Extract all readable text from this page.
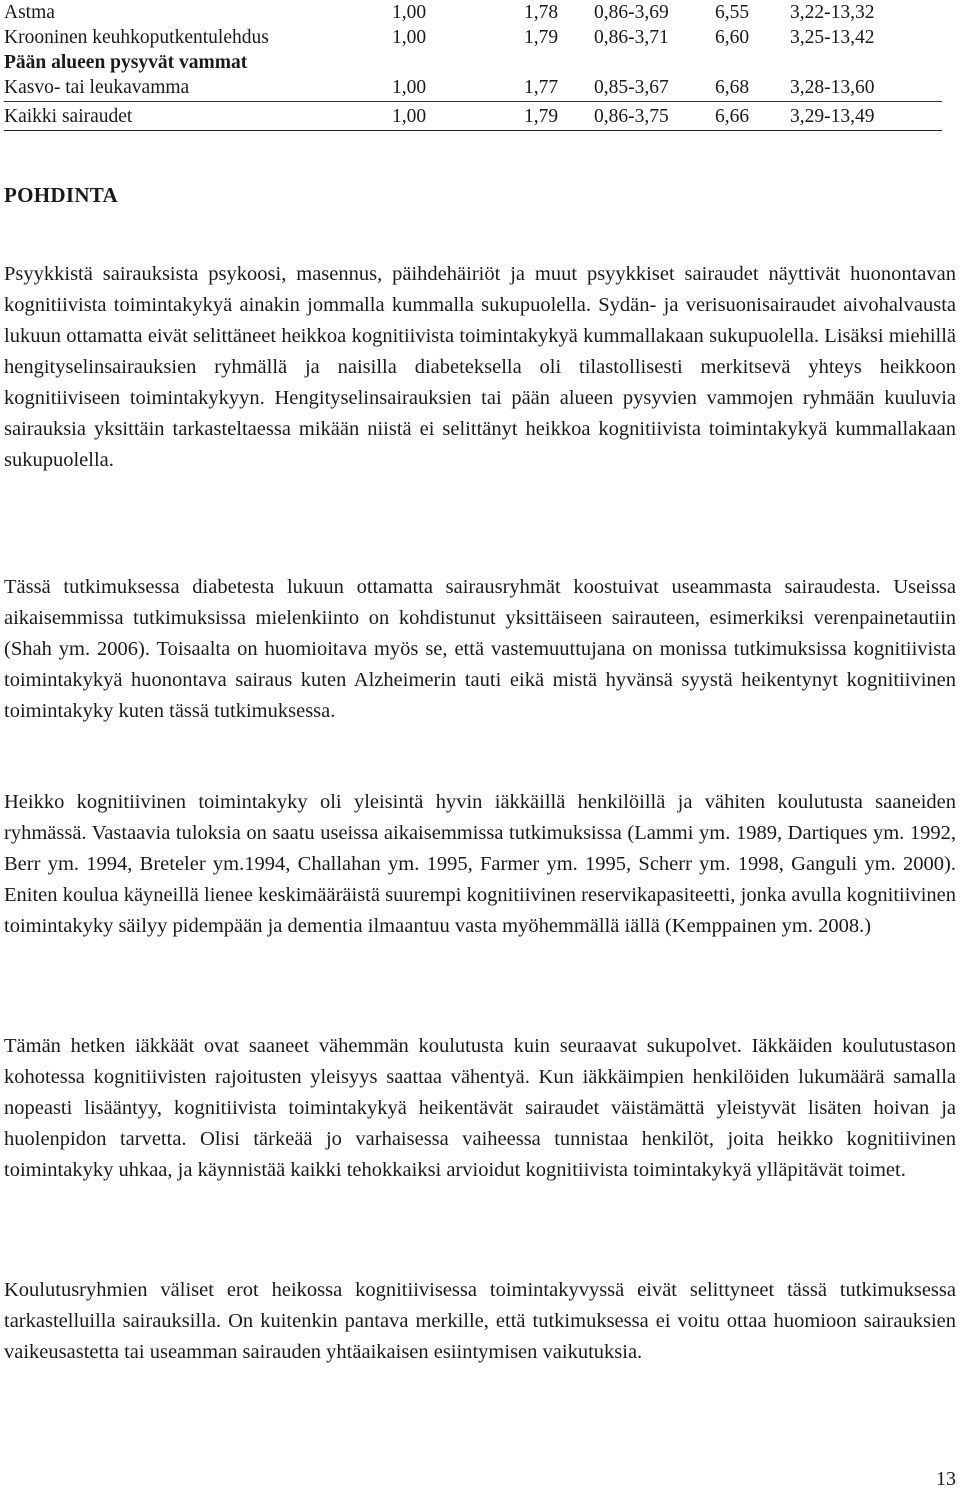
Astma	1,00	1,78 0,86-3,69 6,55 3,22-13,32
Krooninen keuhkoputkentulehdus	1,00	1,79 0,86-3,71 6,60 3,25-13,42
Pään alueen pysyvät vammat
Kasvo- tai leukavamma	1,00	1,77 0,85-3,67 6,68 3,28-13,60
Kaikki sairaudet	1,00	1,79 0,86-3,75 6,66 3,29-13,49
POHDINTA

Psyykkistä sairauksista psykoosi, masennus, päihdehäiriöt ja muut psyykkiset sairaudet näyttivät huonontavan kognitiivista toimintakykyä ainakin jommalla kummalla sukupuolella. Sydän- ja verisuonisairaudet aivohalvausta lukuun ottamatta eivät selittäneet heikkoa kognitiivista toimintakykyä kummallakaan sukupuolella. Lisäksi miehillä hengityselinsairauksien ryhmällä ja naisilla diabeteksella oli tilastollisesti merkitsevä yhteys heikkoon kognitiiviseen toimintakykyyn. Hengityselinsairauksien tai pään alueen pysyvien vammojen ryhmään kuuluvia sairauksia yksittäin tarkasteltaessa mikään niistä ei selittänyt heikkoa kognitiivista toimintakykyä kummallakaan sukupuolella.

Tässä tutkimuksessa diabetesta lukuun ottamatta sairausryhmät koostuivat useammasta sairaudesta. Useissa aikaisemmissa tutkimuksissa mielenkiinto on kohdistunut yksittäiseen sairauteen, esimerkiksi verenpainetautiin (Shah ym. 2006). Toisaalta on huomioitava myös se, että vastemuuttujana on monissa tutkimuksissa kognitiivista toimintakykyä huonontava sairaus kuten Alzheimerin tauti eikä mistä hyvänsä syystä heikentynyt kognitiivinen toimintakyky kuten tässä tutkimuksessa.

Heikko kognitiivinen toimintakyky oli yleisintä hyvin iäkkäillä henkilöillä ja vähiten koulutusta saaneiden ryhmässä. Vastaavia tuloksia on saatu useissa aikaisemmissa tutkimuksissa (Lammi ym. 1989, Dartiques ym. 1992, Berr ym. 1994, Breteler ym.1994, Challahan ym. 1995, Farmer ym. 1995, Scherr ym. 1998, Ganguli ym. 2000). Eniten koulua käyneillä lienee keskimääräistä suurempi kognitiivinen reservikapasiteetti, jonka avulla kognitiivinen toimintakyky säilyy pidempään ja dementia ilmaantuu vasta myöhemmällä iällä (Kemppainen ym. 2008.)

Tämän hetken iäkkäät ovat saaneet vähemmän koulutusta kuin seuraavat sukupolvet. Iäkkäiden koulutustason kohotessa kognitiivisten rajoitusten yleisyys saattaa vähentyä. Kun iäkkäimpien henkilöiden lukumäärä samalla nopeasti lisääntyy, kognitiivista toimintakykyä heikentävät sairaudet väistämättä yleistyvät lisäten hoivan ja huolenpidon tarvetta. Olisi tärkeää jo varhaisessa vaiheessa tunnistaa henkilöt, joita heikko kognitiivinen toimintakyky uhkaa, ja käynnistää kaikki tehokkaiksi arvioidut kognitiivista toimintakykyä ylläpitävät toimet.

Koulutusryhmien väliset erot heikossa kognitiivisessa toimintakyvyssä eivät selittyneet tässä tutkimuksessa tarkastelluilla sairauksilla. On kuitenkin pantava merkille, että tutkimuksessa ei voitu ottaa huomioon sairauksien vaikeusastetta tai useamman sairauden yhtäaikaisen esiintymisen vaikutuksia.

13
